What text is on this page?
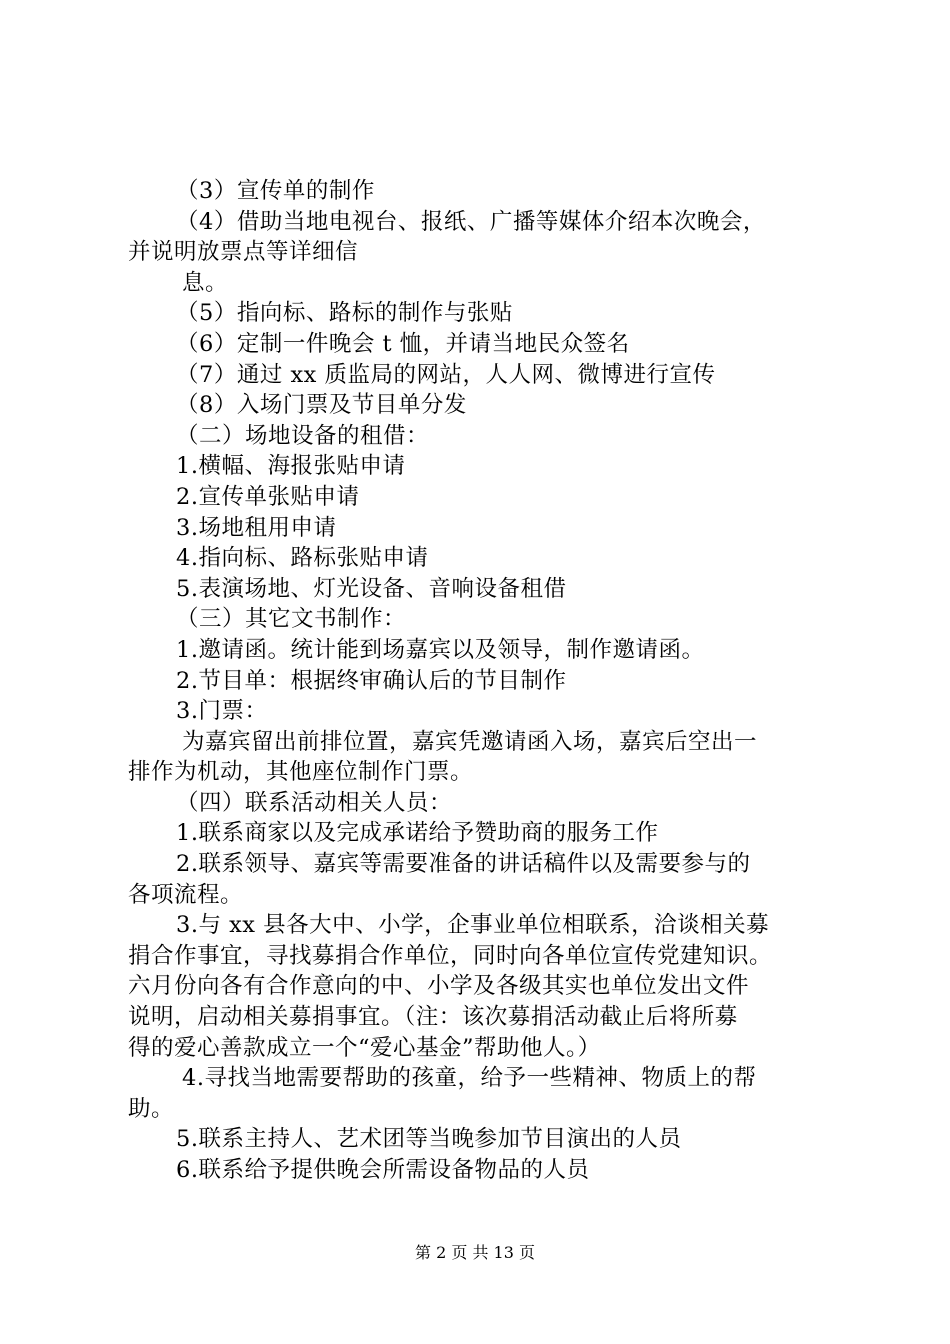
（3）宣传单的制作
（4）借助当地电视台、报纸、广播等媒体介绍本次晚会，
并说明放票点等详细信
息。
（5）指向标、路标的制作与张贴
（6）定制一件晚会 t 恤，并请当地民众签名
（7）通过 xx 质监局的网站，人人网、微博进行宣传
（8）入场门票及节目单分发
（二）场地设备的租借：
1.横幅、海报张贴申请
2.宣传单张贴申请
3.场地租用申请
4.指向标、路标张贴申请
5.表演场地、灯光设备、音响设备租借
（三）其它文书制作：
1.邀请函。统计能到场嘉宾以及领导，制作邀请函。
2.节目单：根据终审确认后的节目制作
3.门票：
为嘉宾留出前排位置，嘉宾凭邀请函入场，嘉宾后空出一
排作为机动，其他座位制作门票。
（四）联系活动相关人员：
1.联系商家以及完成承诺给予赞助商的服务工作
2.联系领导、嘉宾等需要准备的讲话稿件以及需要参与的
各项流程。
3.与 xx 县各大中、小学，企事业单位相联系，洽谈相关募
捐合作事宜，寻找募捐合作单位，同时向各单位宣传党建知识。
六月份向各有合作意向的中、小学及各级其实也单位发出文件
说明，启动相关募捐事宜。（注：该次募捐活动截止后将所募
得的爱心善款成立一个“爱心基金”帮助他人。）
4.寻找当地需要帮助的孩童，给予一些精神、物质上的帮
助。
5.联系主持人、艺术团等当晚参加节目演出的人员
6.联系给予提供晚会所需设备物品的人员
第 2 页 共 13 页
